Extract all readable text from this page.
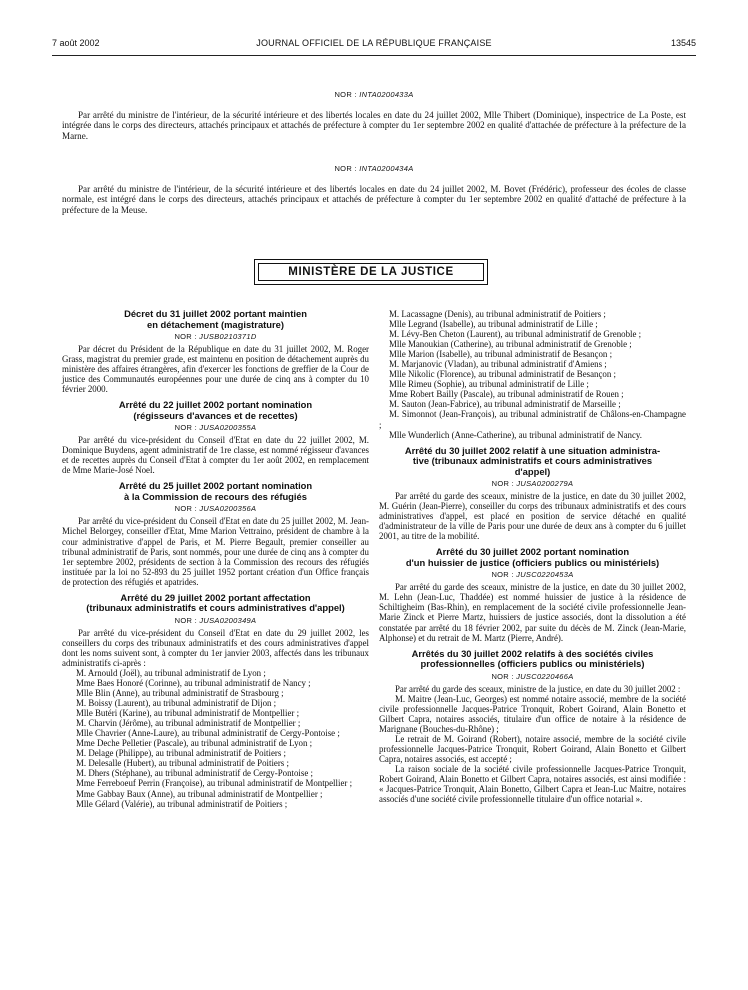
7 août 2002	JOURNAL OFFICIEL DE LA RÉPUBLIQUE FRANÇAISE	13545
NOR : INTA0200433A

Par arrêté du ministre de l'intérieur, de la sécurité intérieure et des libertés locales en date du 24 juillet 2002, Mlle Thibert (Dominique), inspectrice de La Poste, est intégrée dans le corps des directeurs, attachés principaux et attachés de préfecture à compter du 1er septembre 2002 en qualité d'attachée de préfecture à la préfecture de la Marne.

NOR : INTA0200434A

Par arrêté du ministre de l'intérieur, de la sécurité intérieure et des libertés locales en date du 24 juillet 2002, M. Bovet (Frédéric), professeur des écoles de classe normale, est intégré dans le corps des directeurs, attachés principaux et attachés de préfecture à compter du 1er septembre 2002 en qualité d'attaché de préfecture à la préfecture de la Meuse.

MINISTÈRE DE LA JUSTICE
Décret du 31 juillet 2002 portant maintien
en détachement (magistrature)
NOR : JUSB0210371D

Par décret du Président de la République en date du 31 juillet 2002, M. Roger Grass, magistrat du premier grade, est maintenu en position de détachement auprès du ministère des affaires étrangères, afin d'exercer les fonctions de greffier de la Cour de justice des Communautés européennes pour une durée de cinq ans à compter du 10 février 2000.

Arrêté du 22 juillet 2002 portant nomination
(régisseurs d'avances et de recettes)
NOR : JUSA0200355A

Par arrêté du vice-président du Conseil d'Etat en date du 22 juillet 2002, M. Dominique Buydens, agent administratif de 1re classe, est nommé régisseur d'avances et de recettes auprès du Conseil d'Etat à compter du 1er août 2002, en remplacement de Mme Marie-José Noel.

Arrêté du 25 juillet 2002 portant nomination
à la Commission de recours des réfugiés
NOR : JUSA0200356A

Par arrêté du vice-président du Conseil d'Etat en date du 25 juillet 2002, M. Jean-Michel Belorgey, conseiller d'Etat, Mme Marion Vettraino, président de chambre à la cour administrative d'appel de Paris, et M. Pierre Begault, premier conseiller au tribunal administratif de Paris, sont nommés, pour une durée de cinq ans à compter du 1er septembre 2002, présidents de section à la Commission des recours des réfugiés instituée par la loi no 52-893 du 25 juillet 1952 portant création d'un Office français de protection des réfugiés et apatrides.

Arrêté du 29 juillet 2002 portant affectation
(tribunaux administratifs et cours administratives d'appel)
NOR : JUSA0200349A

Par arrêté du vice-président du Conseil d'Etat en date du 29 juillet 2002, les conseillers du corps des tribunaux administratifs et des cours administratives d'appel dont les noms suivent sont, à compter du 1er janvier 2003, affectés dans les tribunaux administratifs ci-après :

M. Arnould (Joël), au tribunal administratif de Lyon ;

Mme Baes Honoré (Corinne), au tribunal administratif de Nancy ;

Mlle Blin (Anne), au tribunal administratif de Strasbourg ;

M. Boissy (Laurent), au tribunal administratif de Dijon ;

Mlle Butéri (Karine), au tribunal administratif de Montpellier ;

M. Charvin (Jérôme), au tribunal administratif de Montpellier ;

Mlle Chavrier (Anne-Laure), au tribunal administratif de Cergy-Pontoise ;

Mme Deche Pelletier (Pascale), au tribunal administratif de Lyon ;

M. Delage (Philippe), au tribunal administratif de Poitiers ;

M. Delesalle (Hubert), au tribunal administratif de Poitiers ;

M. Dhers (Stéphane), au tribunal administratif de Cergy-Pontoise ;

Mme Ferreboeuf Perrin (Françoise), au tribunal administratif de Montpellier ;

Mme Gabbay Baux (Anne), au tribunal administratif de Montpellier ;

Mlle Gélard (Valérie), au tribunal administratif de Poitiers ;

M. Lacassagne (Denis), au tribunal administratif de Poitiers ;

Mlle Legrand (Isabelle), au tribunal administratif de Lille ;

M. Lévy-Ben Cheton (Laurent), au tribunal administratif de Grenoble ;

Mlle Manoukian (Catherine), au tribunal administratif de Grenoble ;

Mlle Marion (Isabelle), au tribunal administratif de Besançon ;

M. Marjanovic (Vladan), au tribunal administratif d'Amiens ;

Mlle Nikolic (Florence), au tribunal administratif de Besançon ;

Mlle Rimeu (Sophie), au tribunal administratif de Lille ;

Mme Robert Bailly (Pascale), au tribunal administratif de Rouen ;

M. Sauton (Jean-Fabrice), au tribunal administratif de Marseille ;

M. Simonnot (Jean-François), au tribunal administratif de Châlons-en-Champagne ;

Mlle Wunderlich (Anne-Catherine), au tribunal administratif de Nancy.

Arrêté du 30 juillet 2002 relatif à une situation administra-
tive (tribunaux administratifs et cours administratives
d'appel)
NOR : JUSA0200279A

Par arrêté du garde des sceaux, ministre de la justice, en date du 30 juillet 2002, M. Guérin (Jean-Pierre), conseiller du corps des tribunaux administratifs et des cours administratives d'appel, est placé en position de service détaché en qualité d'administrateur de la ville de Paris pour une durée de deux ans à compter du 6 juillet 2001, au titre de la mobilité.

Arrêté du 30 juillet 2002 portant nomination
d'un huissier de justice (officiers publics ou ministériels)
NOR : JUSC0220453A

Par arrêté du garde des sceaux, ministre de la justice, en date du 30 juillet 2002, M. Lehn (Jean-Luc, Thaddée) est nommé huissier de justice à la résidence de Schiltigheim (Bas-Rhin), en remplacement de la société civile professionnelle Jean-Marie Zinck et Pierre Martz, huissiers de justice associés, dont la dissolution a été constatée par arrêté du 18 février 2002, par suite du décès de M. Zinck (Jean-Marie, Alphonse) et du retrait de M. Martz (Pierre, André).

Arrêtés du 30 juillet 2002 relatifs à des sociétés civiles
professionnelles (officiers publics ou ministériels)
NOR : JUSC0220466A

Par arrêté du garde des sceaux, ministre de la justice, en date du 30 juillet 2002 :

M. Maitre (Jean-Luc, Georges) est nommé notaire associé, membre de la société civile professionnelle Jacques-Patrice Tronquit, Robert Goirand, Alain Bonetto et Gilbert Capra, notaires associés, titulaire d'un office de notaire à la résidence de Marignane (Bouches-du-Rhône) ;

Le retrait de M. Goirand (Robert), notaire associé, membre de la société civile professionnelle Jacques-Patrice Tronquit, Robert Goirand, Alain Bonetto et Gilbert Capra, notaires associés, est accepté ;

La raison sociale de la société civile professionnelle Jacques-Patrice Tronquit, Robert Goirand, Alain Bonetto et Gilbert Capra, notaires associés, est ainsi modifiée : « Jacques-Patrice Tronquit, Alain Bonetto, Gilbert Capra et Jean-Luc Maitre, notaires associés d'une société civile professionnelle titulaire d'un office notarial ».
